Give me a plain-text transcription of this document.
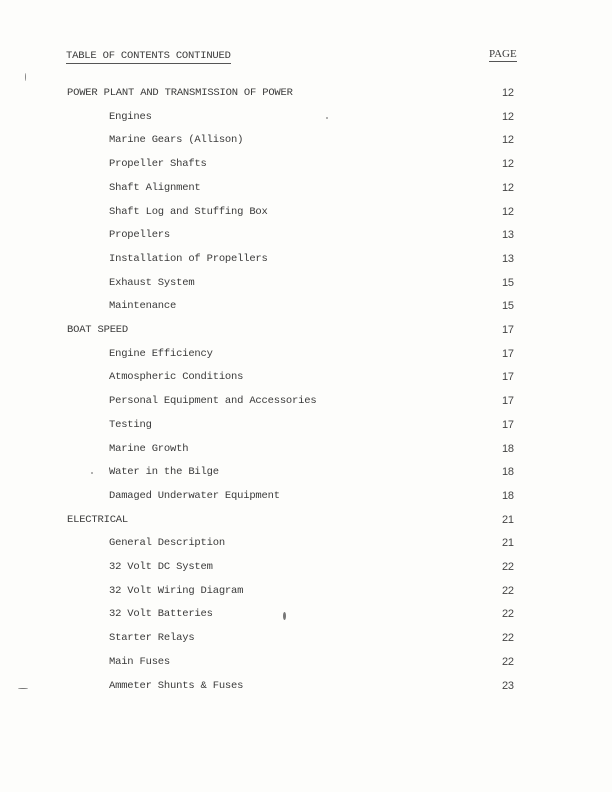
TABLE OF CONTENTS CONTINUED	PAGE
POWER PLANT AND TRANSMISSION OF POWER	12
Engines	12
Marine Gears (Allison)	12
Propeller Shafts	12
Shaft Alignment	12
Shaft Log and Stuffing Box	12
Propellers	13
Installation of Propellers	13
Exhaust System	15
Maintenance	15
BOAT SPEED	17
Engine Efficiency	17
Atmospheric Conditions	17
Personal Equipment and Accessories	17
Testing	17
Marine Growth	18
Water in the Bilge	18
Damaged Underwater Equipment	18
ELECTRICAL	21
General Description	21
32 Volt DC System	22
32 Volt Wiring Diagram	22
32 Volt Batteries	22
Starter Relays	22
Main Fuses	22
Ammeter Shunts & Fuses	23
